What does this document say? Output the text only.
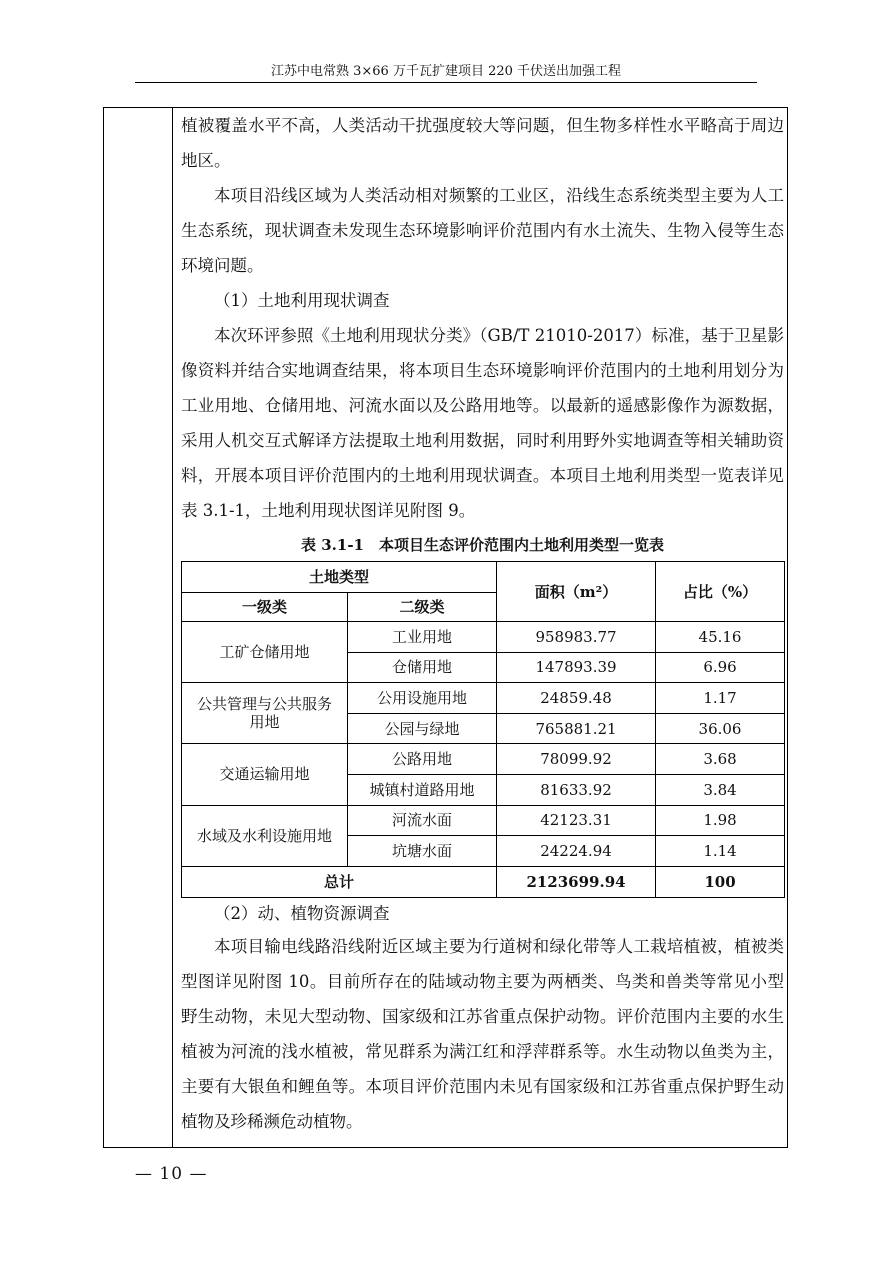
江苏中电常熟 3×66 万千瓦扩建项目 220 千伏送出加强工程

植被覆盖水平不高，人类活动干扰强度较大等问题，但生物多样性水平略高于周边地区。

本项目沿线区域为人类活动相对频繁的工业区，沿线生态系统类型主要为人工生态系统，现状调查未发现生态环境影响评价范围内有水土流失、生物入侵等生态环境问题。

（1）土地利用现状调查

本次环评参照《土地利用现状分类》（GB/T 21010-2017）标准，基于卫星影像资料并结合实地调查结果，将本项目生态环境影响评价范围内的土地利用划分为工业用地、仓储用地、河流水面以及公路用地等。以最新的遥感影像作为源数据，采用人机交互式解译方法提取土地利用数据，同时利用野外实地调查等相关辅助资料，开展本项目评价范围内的土地利用现状调查。本项目土地利用类型一览表详见表 3.1-1，土地利用现状图详见附图 9。

表 3.1-1　本项目生态评价范围内土地利用类型一览表
土地类型		面积（m²）	占比（%）
一级类	二级类		
工矿仓储用地	工业用地	958983.77	45.16
	仓储用地	147893.39	6.96
公共管理与公共服务用地	公用设施用地	24859.48	1.17
	公园与绿地	765881.21	36.06
交通运输用地	公路用地	78099.92	3.68
	城镇村道路用地	81633.92	3.84
水域及水利设施用地	河流水面	42123.31	1.98
	坑塘水面	24224.94	1.14
总计		2123699.94	100

（2）动、植物资源调查

本项目输电线路沿线附近区域主要为行道树和绿化带等人工栽培植被，植被类型图详见附图 10。目前所存在的陆域动物主要为两栖类、鸟类和兽类等常见小型野生动物，未见大型动物、国家级和江苏省重点保护动物。评价范围内主要的水生植被为河流的浅水植被，常见群系为满江红和浮萍群系等。水生动物以鱼类为主，主要有大银鱼和鲤鱼等。本项目评价范围内未见有国家级和江苏省重点保护野生动植物及珍稀濒危动植物。

— 10 —
